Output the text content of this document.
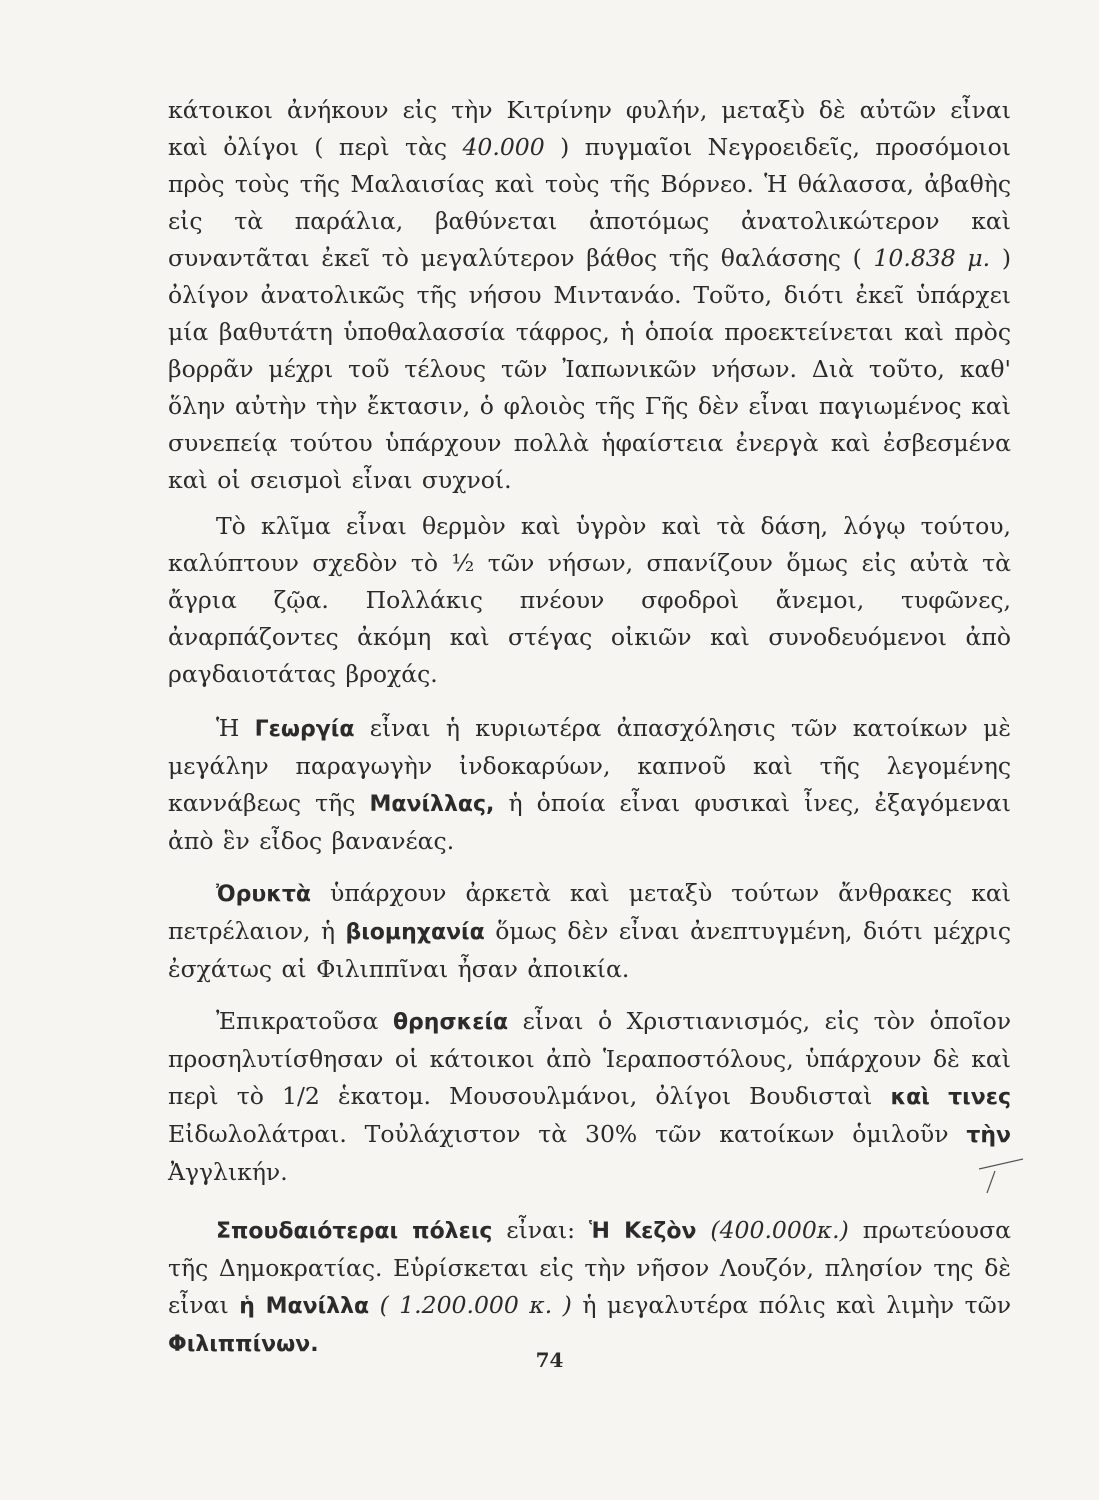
κάτοικοι ἀνήκουν εἰς τὴν Κιτρίνην φυλήν, μεταξὺ δὲ αὐτῶν εἶναι καὶ ὀλίγοι ( περὶ τὰς 40.000 ) πυγμαῖοι Νεγροειδεῖς, προσόμοιοι πρὸς τοὺς τῆς Μαλαισίας καὶ τοὺς τῆς Βόρνεο. Ἡ θάλασσα, ἀβαθὴς εἰς τὰ παράλια, βαθύνεται ἀποτόμως ἀνατολικώτερον καὶ συναντᾶται ἐκεῖ τὸ μεγαλύτερον βάθος τῆς θαλάσσης ( 10.838 μ. ) ὀλίγον ἀνατολικῶς τῆς νήσου Μιντανάο. Τοῦτο, διότι ἐκεῖ ὑπάρχει μία βαθυτάτη ὑποθαλασσία τάφρος, ἡ ὁποία προεκτείνεται καὶ πρὸς βορρᾶν μέχρι τοῦ τέλους τῶν Ἰαπωνικῶν νήσων. Διὰ τοῦτο, καθ' ὅλην αὐτὴν τὴν ἔκτασιν, ὁ φλοιὸς τῆς Γῆς δὲν εἶναι παγιωμένος καὶ συνεπείᾳ τούτου ὑπάρχουν πολλὰ ἡφαίστεια ἐνεργὰ καὶ ἐσβεσμένα καὶ οἱ σεισμοὶ εἶναι συχνοί.

Τὸ κλῖμα εἶναι θερμὸν καὶ ὑγρὸν καὶ τὰ δάση, λόγῳ τούτου, καλύπτουν σχεδὸν τὸ ½ τῶν νήσων, σπανίζουν ὅμως εἰς αὐτὰ τὰ ἄγρια ζῷα. Πολλάκις πνέουν σφοδροὶ ἄνεμοι, τυφῶνες, ἀναρπάζοντες ἀκόμη καὶ στέγας οἰκιῶν καὶ συνοδευόμενοι ἀπὸ ραγδαιοτάτας βροχάς.

Ἡ Γεωργία εἶναι ἡ κυριωτέρα ἀπασχόλησις τῶν κατοίκων μὲ μεγάλην παραγωγὴν ἰνδοκαρύων, καπνοῦ καὶ τῆς λεγομένης καννάβεως τῆς Μανίλλας, ἡ ὁποία εἶναι φυσικαὶ ἶνες, ἐξαγόμεναι ἀπὸ ἓν εἶδος βανανέας.

Ὀρυκτὰ ὑπάρχουν ἀρκετὰ καὶ μεταξὺ τούτων ἄνθρακες καὶ πετρέλαιον, ἡ βιομηχανία ὅμως δὲν εἶναι ἀνεπτυγμένη, διότι μέχρις ἐσχάτως αἱ Φιλιππῖναι ἦσαν ἀποικία.

Ἐπικρατοῦσα θρησκεία εἶναι ὁ Χριστιανισμός, εἰς τὸν ὁποῖον προσηλυτίσθησαν οἱ κάτοικοι ἀπὸ Ἱεραποστόλους, ὑπάρχουν δὲ καὶ περὶ τὸ 1/2 ἑκατομ. Μουσουλμάνοι, ὀλίγοι Βουδισταὶ καὶ τινες Εἰδωλολάτραι. Τοὐλάχιστον τὰ 30% τῶν κατοίκων ὁμιλοῦν τὴν Ἀγγλικήν.

Σπουδαιότεραι πόλεις εἶναι: Ἡ Κεζὸν (400.000κ.) πρωτεύουσα τῆς Δημοκρατίας. Εὑρίσκεται εἰς τὴν νῆσον Λουζόν, πλησίον της δὲ εἶναι ἡ Μανίλλα ( 1.200.000 κ. ) ἡ μεγαλυτέρα πόλις καὶ λιμὴν τῶν Φιλιππίνων.

74
